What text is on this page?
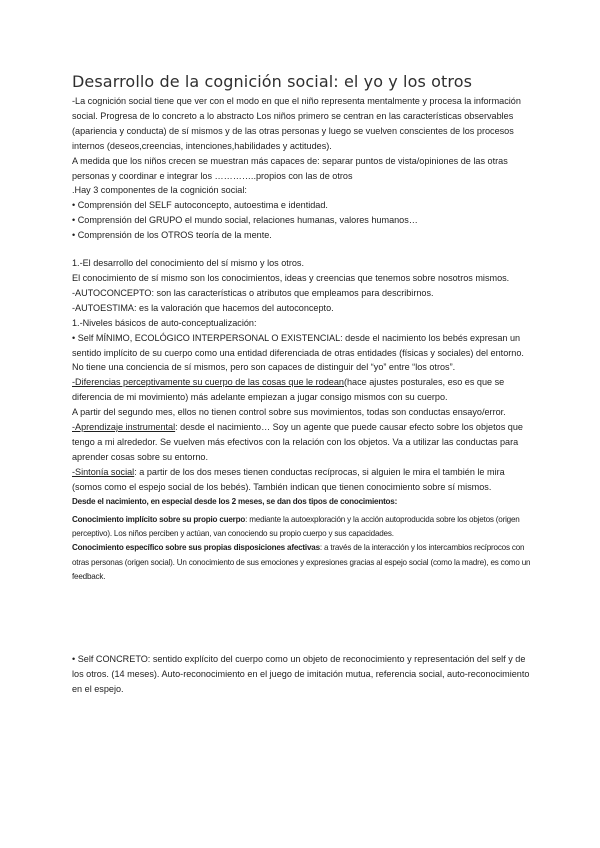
Desarrollo de la cognición social: el yo y los otros

-La cognición social tiene que ver con el modo en que el niño representa mentalmente y procesa la información social. Progresa de lo concreto a lo abstracto Los niños primero se centran en las características observables (apariencia y conducta) de sí mismos y de las otras personas y luego se vuelven conscientes de los procesos internos (deseos,creencias, intenciones,habilidades y actitudes).

A medida que los niños crecen se muestran más capaces de: separar puntos de vista/opiniones de las otras personas y coordinar e integrar los …………..propios con las de otros

.Hay 3 componentes de la cognición social:

• Comprensión del SELF autoconcepto, autoestima e identidad.

• Comprensión del GRUPO el mundo social, relaciones humanas, valores humanos…

• Comprensión de los OTROS teoría de la mente.

1.-El desarrollo del conocimiento del sí mismo y los otros.

El conocimiento de sí mismo son los conocimientos, ideas y creencias que tenemos sobre nosotros mismos.

-AUTOCONCEPTO: son las características o atributos que empleamos para describirnos.

-AUTOESTIMA: es la valoración que hacemos del autoconcepto.

1.-Niveles básicos de auto-conceptualización:

• Self MÍNIMO, ECOLÓGICO INTERPERSONAL O EXISTENCIAL: desde el nacimiento los bebés expresan un sentido implícito de su cuerpo como una entidad diferenciada de otras entidades (físicas y sociales) del entorno. No tiene una conciencia de sí mismos, pero son capaces de distinguir del “yo” entre “los otros”.

-Diferencias perceptivamente su cuerpo de las cosas que le rodean(hace ajustes posturales, eso es que se diferencia de mi movimiento) más adelante empiezan a jugar consigo mismos con su cuerpo.

A partir del segundo mes, ellos no tienen control sobre sus movimientos, todas son conductas ensayo/error.

-Aprendizaje instrumental: desde el nacimiento… Soy un agente que puede causar efecto sobre los objetos que tengo a mi alrededor. Se vuelven más efectivos con la relación con los objetos. Va a utilizar las conductas para aprender cosas sobre su entorno.

-Sintonía social: a partir de los dos meses tienen conductas recíprocas, si alguien le mira el también le mira (somos como el espejo social de los bebés). También indican que tienen conocimiento sobre sí mismos.

Desde el nacimiento, en especial desde los 2 meses, se dan dos tipos de conocimientos:

Conocimiento implícito sobre su propio cuerpo: mediante la autoexploración y la acción autoproducida sobre los objetos (origen perceptivo). Los niños perciben y actúan, van conociendo su propio cuerpo y sus capacidades.

Conocimiento específico sobre sus propias disposiciones afectivas: a través de la interacción y los intercambios recíprocos con otras personas (origen social). Un conocimiento de sus emociones y expresiones gracias al espejo social (como la madre), es como un feedback.

• Self CONCRETO: sentido explícito del cuerpo como un objeto de reconocimiento y representación del self y de los otros. (14 meses). Auto-reconocimiento en el juego de imitación mutua, referencia social, auto-reconocimiento en el espejo.
